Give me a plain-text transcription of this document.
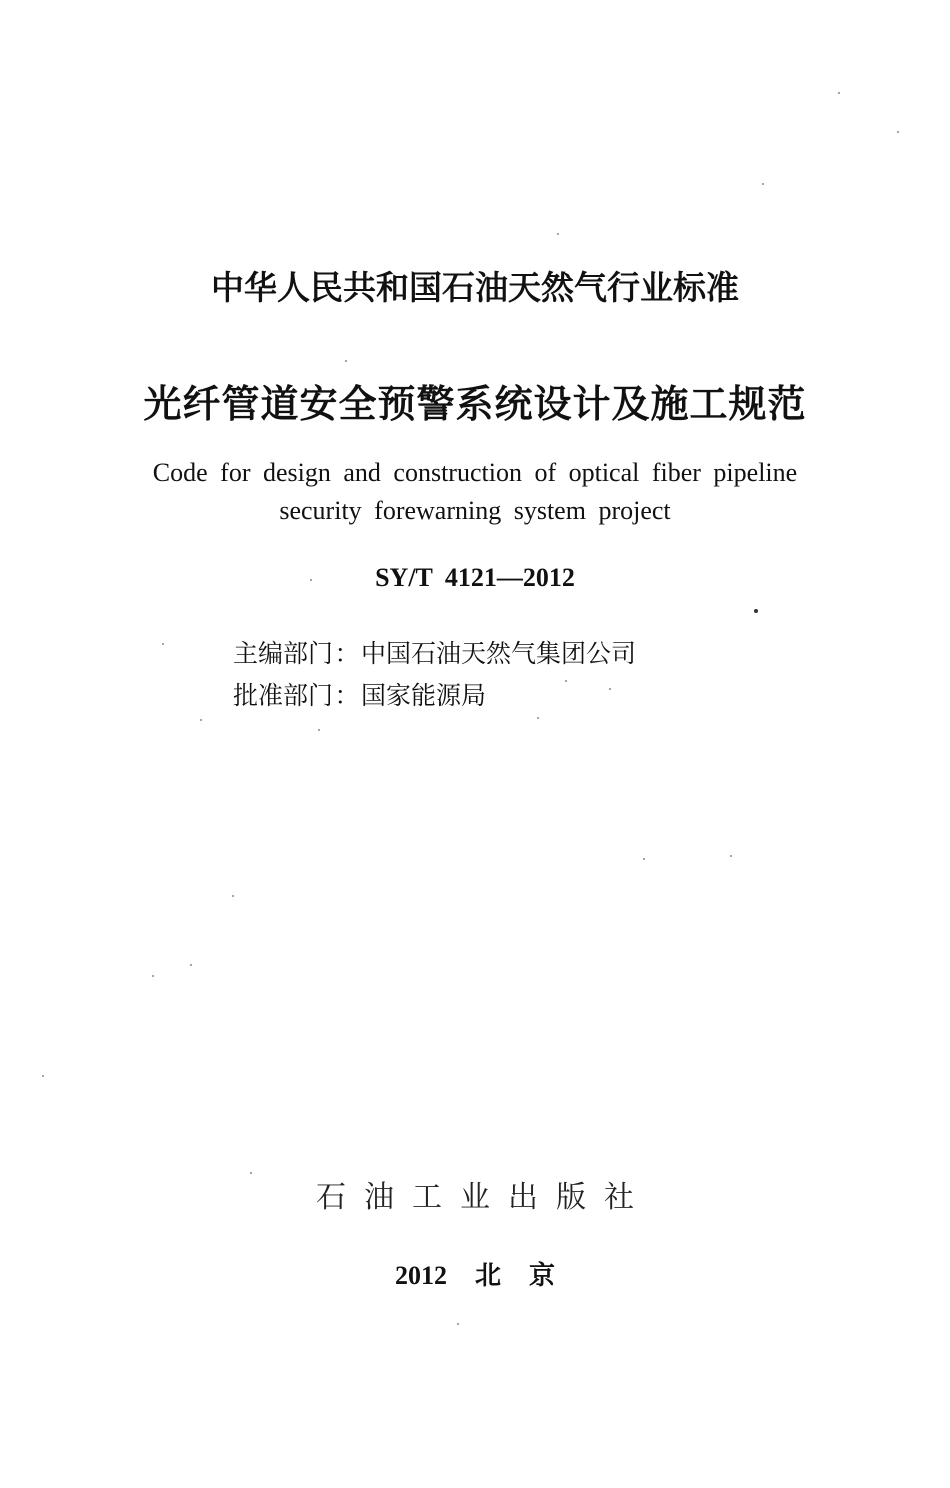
中华人民共和国石油天然气行业标准
光纤管道安全预警系统设计及施工规范
Code for design and construction of optical fiber pipeline
security forewarning system project
SY/T 4121—2012
主编部门：中国石油天然气集团公司
批准部门：国家能源局
石油工业出版社
2012 北 京
